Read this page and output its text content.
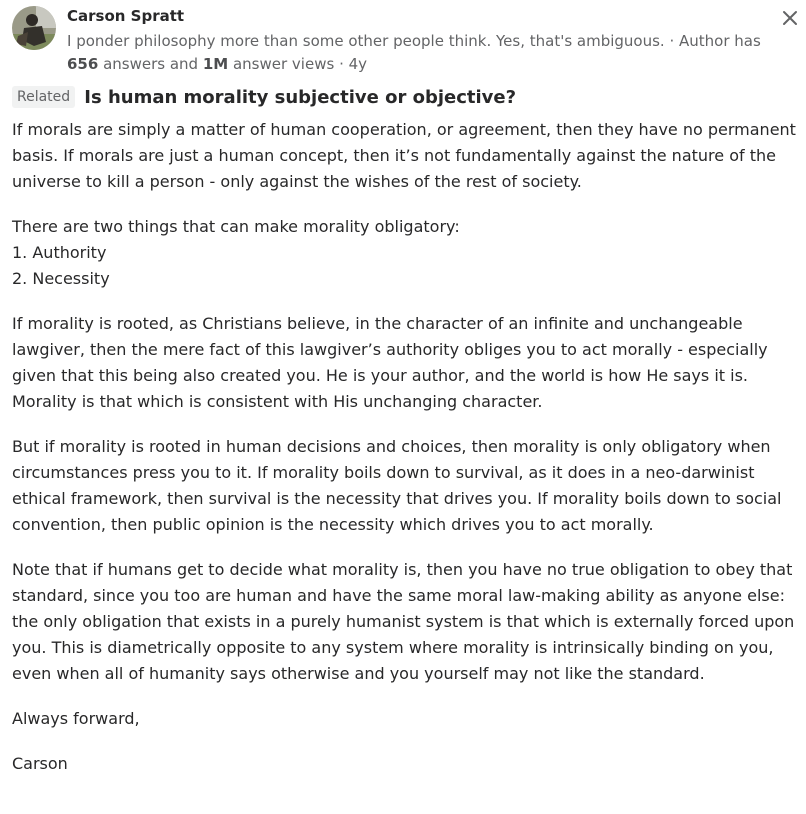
Carson Spratt
I ponder philosophy more than some other people think. Yes, that's ambiguous. · Author has 656 answers and 1M answer views · 4y
Related Is human morality subjective or objective?

If morals are simply a matter of human cooperation, or agreement, then they have no permanent basis. If morals are just a human concept, then it’s not fundamentally against the nature of the universe to kill a person - only against the wishes of the rest of society.

There are two things that can make morality obligatory:
1. Authority
2. Necessity

If morality is rooted, as Christians believe, in the character of an infinite and unchangeable lawgiver, then the mere fact of this lawgiver’s authority obliges you to act morally - especially given that this being also created you. He is your author, and the world is how He says it is. Morality is that which is consistent with His unchanging character.

But if morality is rooted in human decisions and choices, then morality is only obligatory when circumstances press you to it. If morality boils down to survival, as it does in a neo-darwinist ethical framework, then survival is the necessity that drives you. If morality boils down to social convention, then public opinion is the necessity which drives you to act morally.

Note that if humans get to decide what morality is, then you have no true obligation to obey that standard, since you too are human and have the same moral law-making ability as anyone else: the only obligation that exists in a purely humanist system is that which is externally forced upon you. This is diametrically opposite to any system where morality is intrinsically binding on you, even when all of humanity says otherwise and you yourself may not like the standard.

Always forward,

Carson
